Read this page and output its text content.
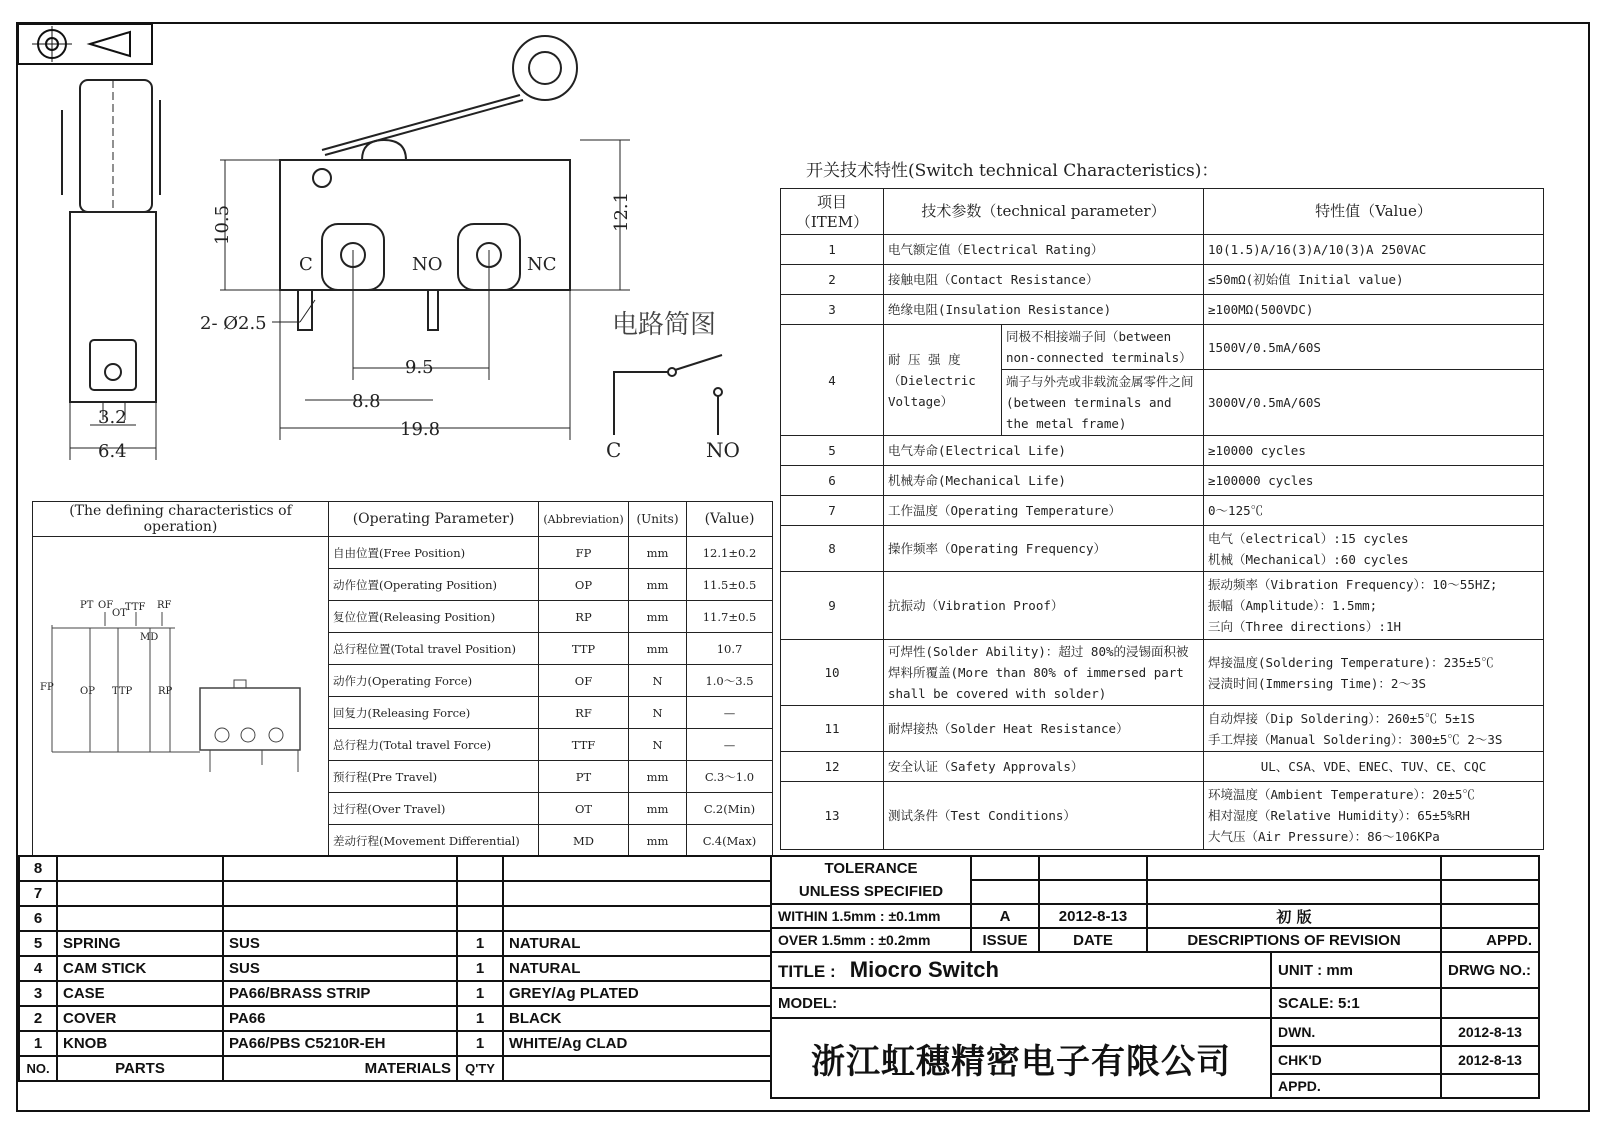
10.5	12.1
2- Ø2.5
9.5
8.8
19.8
3.2
6.4
C	NO	NC
电路简图
C	NO
PT OF
OT
TTF RF
MD
FP	OP TTP	RP
开关技术特性(Switch technical Characteristics)：
项目
（ITEM）	技术参数（technical parameter）		特性值（Value）
1	电气额定值（Electrical Rating）		10(1.5)A/16(3)A/10(3)A 250VAC
2	接触电阻（Contact Resistance）		≤50mΩ(初始值 Initial value)
3	绝缘电阻(Insulation Resistance)		≥100MΩ(500VDC)
4	耐 压 强 度
（Dielectric
Voltage）	同极不相接端子间（between non-connected terminals）	1500V/0.5mA/60S
		端子与外壳或非载流金属零件之间(between terminals and the metal frame)	3000V/0.5mA/60S
5	电气寿命(Electrical Life)		≥10000 cycles
6	机械寿命(Mechanical Life)		≥100000 cycles
7	工作温度（Operating Temperature）		0～125℃
8	操作频率（Operating Frequency）		电气（electrical）:15 cycles
机械（Mechanical）:60 cycles
9	抗振动（Vibration Proof）		振动频率（Vibration Frequency）：10～55HZ;
振幅（Amplitude）：1.5mm;
三向（Three directions）:1H
10	可焊性(Solder Ability)：超过 80%的浸锡面积被焊料所覆盖(More than 80% of immersed part shall be covered with solder)		焊接温度(Soldering Temperature)：235±5℃
浸渍时间(Immersing Time)：2～3S
11	耐焊接热（Solder Heat Resistance）		自动焊接（Dip Soldering）：260±5℃ 5±1S
手工焊接（Manual Soldering）：300±5℃ 2～3S
12	安全认证（Safety Approvals）		UL、CSA、VDE、ENEC、TUV、CE、CQC
13	测试条件（Test Conditions）		环境温度（Ambient Temperature）：20±5℃
相对湿度（Relative Humidity）：65±5%RH
大气压（Air Pressure）：86～106KPa
(The defining characteristics of operation)	(Operating Parameter)	(Abbreviation)	(Units)	(Value)
	自由位置(Free Position)	FP	mm	12.1±0.2
	动作位置(Operating Position)	OP	mm	11.5±0.5
	复位位置(Releasing Position)	RP	mm	11.7±0.5
	总行程位置(Total travel Position)	TTP	mm	10.7
	动作力(Operating Force)	OF	N	1.0～3.5
	回复力(Releasing Force)	RF	N	—
	总行程力(Total travel Force)	TTF	N	—
	预行程(Pre Travel)	PT	mm	C.3～1.0
	过行程(Over Travel)	OT	mm	C.2(Min)
	差动行程(Movement Differential)	MD	mm	C.4(Max)
8				
7				
6				
5	SPRING	SUS	1	NATURAL
4	CAM STICK	SUS	1	NATURAL
3	CASE	PA66/BRASS STRIP	1	GREY/Ag PLATED
2	COVER	PA66	1	BLACK
1	KNOB	PA66/PBS C5210R-EH	1	WHITE/Ag CLAD
NO.	PARTS	MATERIALS	Q'TY	
TOLERANCE					
UNLESS SPECIFIED					
WITHIN 1.5mm : ±0.1mm	A	2012-8-13	初 版		
OVER 1.5mm : ±0.2mm	ISSUE	DATE	DESCRIPTIONS OF REVISION		APPD.
TITLE : Miocro Switch				UNIT : mm	DRWG NO.:
MODEL:				SCALE: 5:1	
浙江虹穗精密电子有限公司				DWN.	2012-8-13
				CHK'D	2012-8-13
				APPD.	
